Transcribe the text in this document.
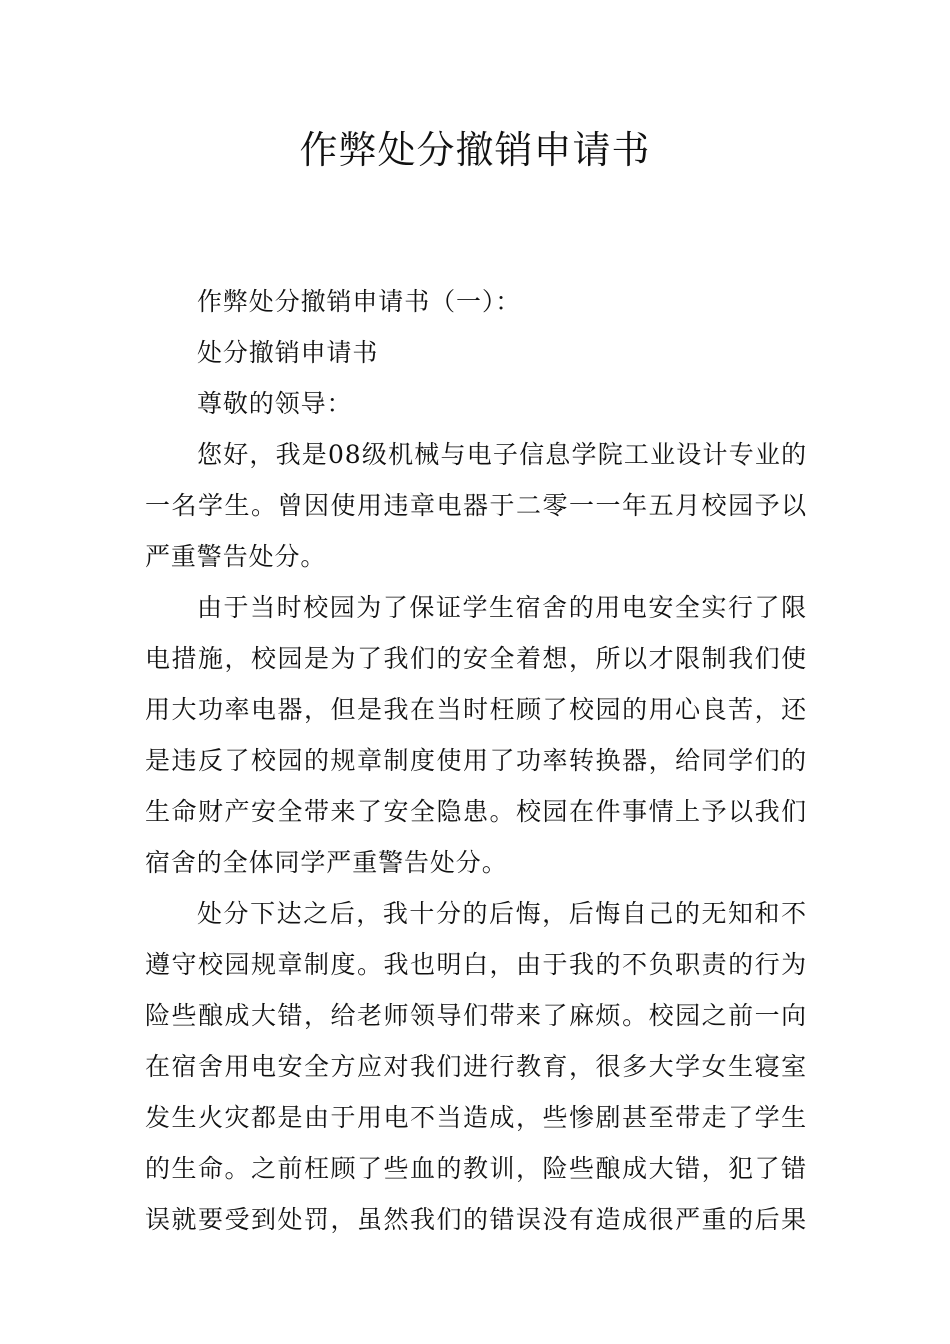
作弊处分撤销申请书
作弊处分撤销申请书（一）：
处分撤销申请书
尊敬的领导：
您好，我是08级机械与电子信息学院工业设计专业的
一名学生。曾因使用违章电器于二零一一年五月校园予以
严重警告处分。
由于当时校园为了保证学生宿舍的用电安全实行了限
电措施，校园是为了我们的安全着想，所以才限制我们使
用大功率电器，但是我在当时枉顾了校园的用心良苦，还
是违反了校园的规章制度使用了功率转换器，给同学们的
生命财产安全带来了安全隐患。校园在件事情上予以我们
宿舍的全体同学严重警告处分。
处分下达之后，我十分的后悔，后悔自己的无知和不
遵守校园规章制度。我也明白，由于我的不负职责的行为
险些酿成大错，给老师领导们带来了麻烦。校园之前一向
在宿舍用电安全方应对我们进行教育，很多大学女生寝室
发生火灾都是由于用电不当造成，些惨剧甚至带走了学生
的生命。之前枉顾了些血的教训，险些酿成大错，犯了错
误就要受到处罚，虽然我们的错误没有造成很严重的后果
